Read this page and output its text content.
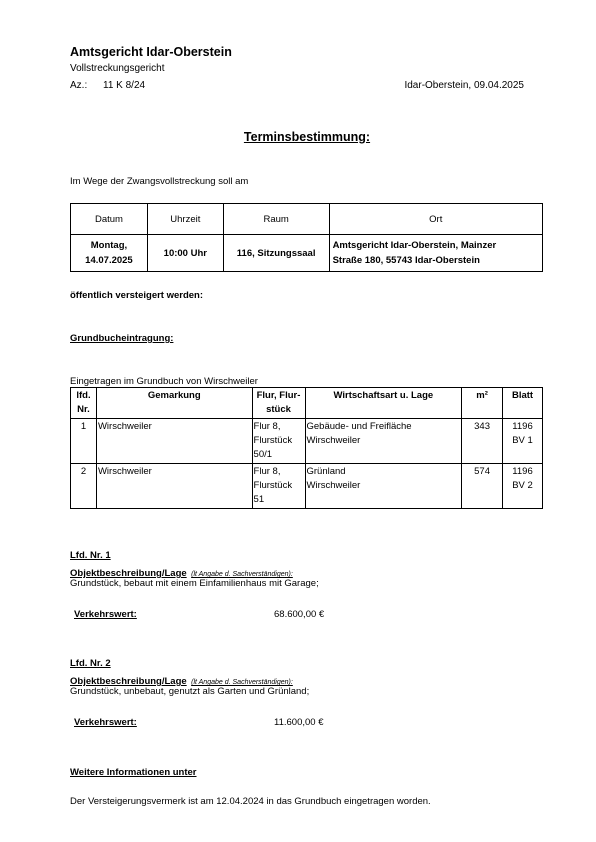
Amtsgericht Idar-Oberstein
Vollstreckungsgericht
Az.: 11 K 8/24	Idar-Oberstein, 09.04.2025
Terminsbestimmung:
Im Wege der Zwangsvollstreckung soll am
Datum	Uhrzeit	Raum	Ort
Montag,
14.07.2025	10:00 Uhr	116, Sitzungssaal	Amtsgericht Idar-Oberstein, Mainzer
Straße 180, 55743 Idar-Oberstein
öffentlich versteigert werden:
Grundbucheintragung:
Eingetragen im Grundbuch von Wirschweiler
lfd.
Nr.	Gemarkung	Flur, Flur-
stück	Wirtschaftsart u. Lage	m²	Blatt
1	Wirschweiler	Flur 8,
Flurstück
50/1	Gebäude- und Freifläche
Wirschweiler	343	1196
BV 1
2	Wirschweiler	Flur 8,
Flurstück
51	Grünland
Wirschweiler	574	1196
BV 2
Lfd. Nr. 1
Objektbeschreibung/Lage (lt Angabe d. Sachverständigen):
Grundstück, bebaut mit einem Einfamilienhaus mit Garage;
Verkehrswert:	68.600,00 €
Lfd. Nr. 2
Objektbeschreibung/Lage (lt Angabe d. Sachverständigen):
Grundstück, unbebaut, genutzt als Garten und Grünland;
Verkehrswert:	11.600,00 €
Weitere Informationen unter
Der Versteigerungsvermerk ist am 12.04.2024 in das Grundbuch eingetragen worden.
